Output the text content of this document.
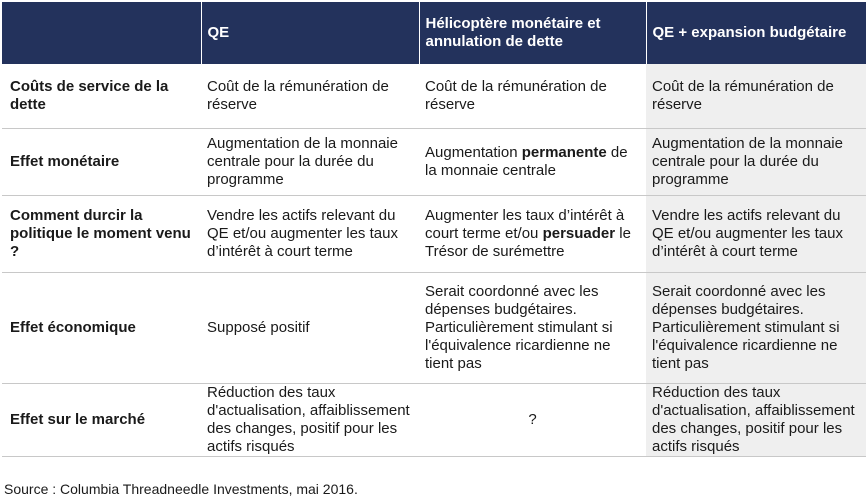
	QE	Hélicoptère monétaire et annulation de dette	QE + expansion budgétaire
Coûts de service de la dette	Coût de la rémunération de réserve	Coût de la rémunération de réserve	Coût de la rémunération de réserve
Effet monétaire	Augmentation de la monnaie centrale pour la durée du programme	Augmentation permanente de la monnaie centrale	Augmentation de la monnaie centrale pour la durée du programme
Comment durcir la politique le moment venu ?	Vendre les actifs relevant du QE et/ou augmenter les taux d’intérêt à court terme	Augmenter les taux d’intérêt à court terme et/ou persuader le Trésor de surémettre	Vendre les actifs relevant du QE et/ou augmenter les taux d’intérêt à court terme
Effet économique	Supposé positif	Serait coordonné avec les dépenses budgétaires. Particulièrement stimulant si l'équivalence ricardienne ne tient pas	Serait coordonné avec les dépenses budgétaires. Particulièrement stimulant si l'équivalence ricardienne ne tient pas
Effet sur le marché	Réduction des taux d'actualisation, affaiblissement des changes, positif pour les actifs risqués	?	Réduction des taux d'actualisation, affaiblissement des changes, positif pour les actifs risqués
Source : Columbia Threadneedle Investments, mai 2016.
